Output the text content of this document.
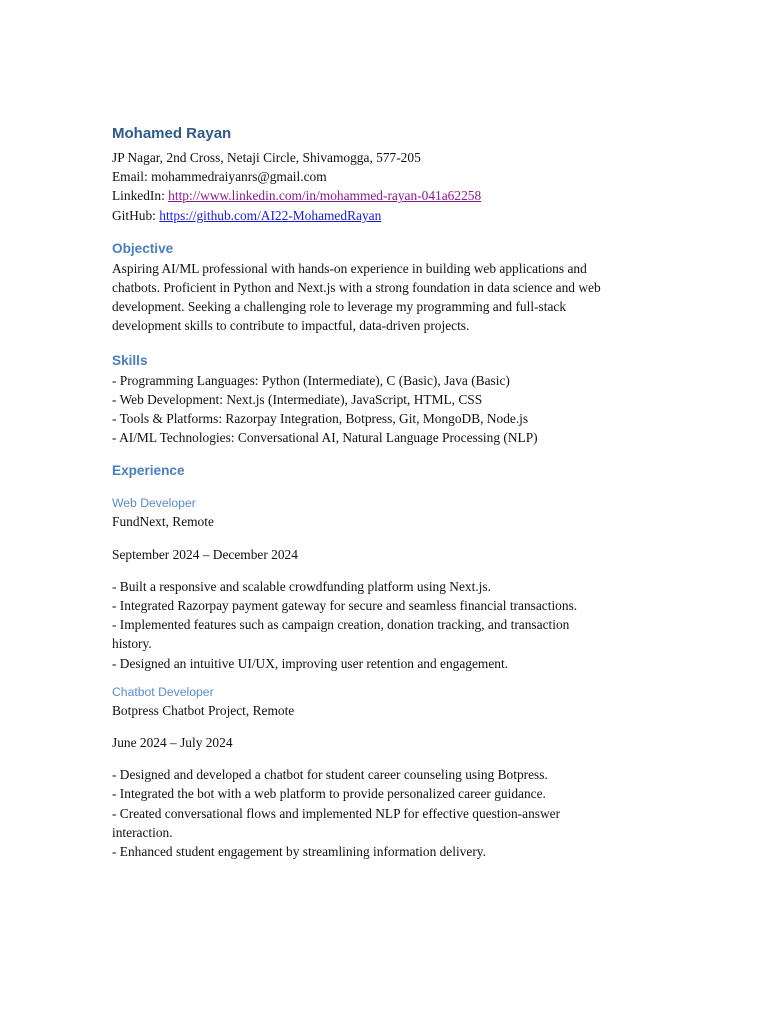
Mohamed Rayan

JP Nagar, 2nd Cross, Netaji Circle, Shivamogga, 577-205

Email: mohammedraiyanrs@gmail.com

LinkedIn: http://www.linkedin.com/in/mohammed-rayan-041a62258

GitHub: https://github.com/AI22-MohamedRayan

Objective

Aspiring AI/ML professional with hands-on experience in building web applications and

chatbots. Proficient in Python and Next.js with a strong foundation in data science and web

development. Seeking a challenging role to leverage my programming and full-stack

development skills to contribute to impactful, data-driven projects.

Skills

- Programming Languages: Python (Intermediate), C (Basic), Java (Basic)

- Web Development: Next.js (Intermediate), JavaScript, HTML, CSS

- Tools & Platforms: Razorpay Integration, Botpress, Git, MongoDB, Node.js

- AI/ML Technologies: Conversational AI, Natural Language Processing (NLP)

Experience
Web Developer

FundNext, Remote

September 2024 – December 2024

- Built a responsive and scalable crowdfunding platform using Next.js.

- Integrated Razorpay payment gateway for secure and seamless financial transactions.

- Implemented features such as campaign creation, donation tracking, and transaction

history.

- Designed an intuitive UI/UX, improving user retention and engagement.

Chatbot Developer

Botpress Chatbot Project, Remote

June 2024 – July 2024

- Designed and developed a chatbot for student career counseling using Botpress.

- Integrated the bot with a web platform to provide personalized career guidance.

- Created conversational flows and implemented NLP for effective question-answer

interaction.

- Enhanced student engagement by streamlining information delivery.
